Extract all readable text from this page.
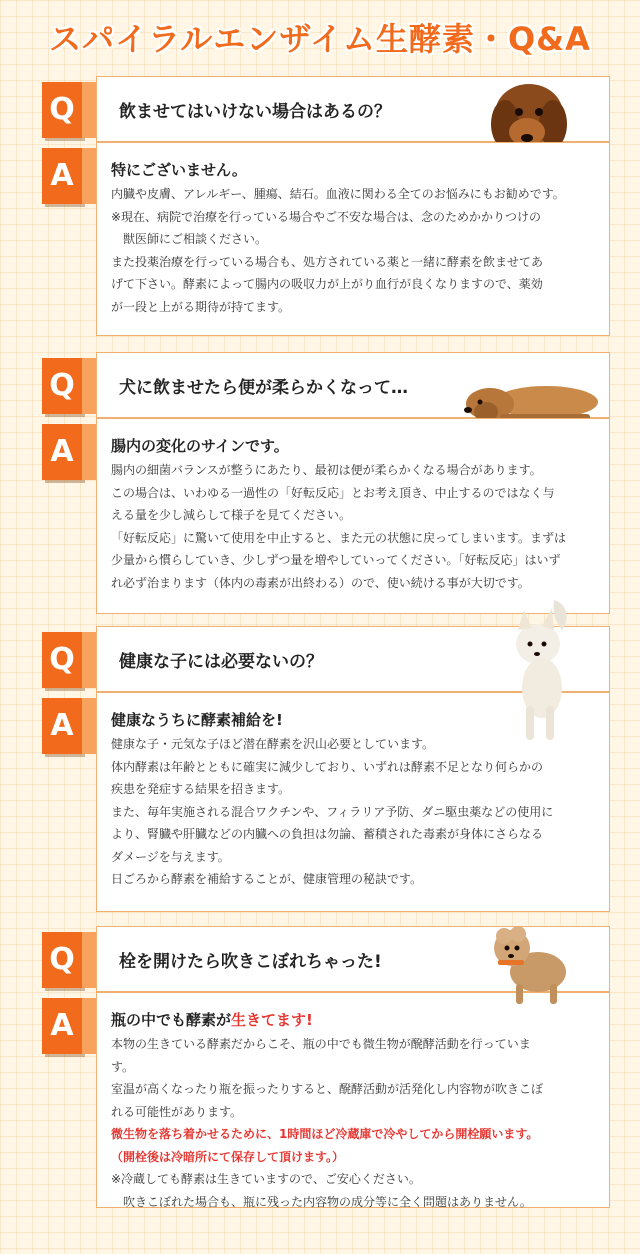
スパイラルエンザイム生酵素・Q&A
飲ませてはいけない場合はあるの？
Q
特にございません。

内臓や皮膚、アレルギー、腫瘍、結石。血液に関わる全てのお悩みにもお勧めです。

※現在、病院で治療を行っている場合やご不安な場合は、念のためかかりつけの

獣医師にご相談ください。

また投薬治療を行っている場合も、処方されている薬と一緒に酵素を飲ませてあ

げて下さい。酵素によって腸内の吸収力が上がり血行が良くなりますので、薬効

が一段と上がる期待が持てます。

A
犬に飲ませたら便が柔らかくなって…
Q
腸内の変化のサインです。

腸内の細菌バランスが整うにあたり、最初は便が柔らかくなる場合があります。

この場合は、いわゆる一過性の「好転反応」とお考え頂き、中止するのではなく与

える量を少し減らして様子を見てください。

「好転反応」に驚いて使用を中止すると、また元の状態に戻ってしまいます。まずは

少量から慣らしていき、少しずつ量を増やしていってください。「好転反応」はいず

れ必ず治まります（体内の毒素が出終わる）ので、使い続ける事が大切です。

A
健康な子には必要ないの？
Q
健康なうちに酵素補給を!

健康な子・元気な子ほど潜在酵素を沢山必要としています。

体内酵素は年齢とともに確実に減少しており、いずれは酵素不足となり何らかの

疾患を発症する結果を招きます。

また、毎年実施される混合ワクチンや、フィラリア予防、ダニ駆虫薬などの使用に

より、腎臓や肝臓などの内臓への負担は勿論、蓄積された毒素が身体にさらなる

ダメージを与えます。

日ごろから酵素を補給することが、健康管理の秘訣です。

A
栓を開けたら吹きこぼれちゃった!
Q
瓶の中でも酵素が生きてます!

本物の生きている酵素だからこそ、瓶の中でも微生物が醗酵活動を行っていま

す。

室温が高くなったり瓶を振ったりすると、醗酵活動が活発化し内容物が吹きこぼ

れる可能性があります。

微生物を落ち着かせるために、1時間ほど冷蔵庫で冷やしてから開栓願います。

（開栓後は冷暗所にて保存して頂けます。）

※冷蔵しても酵素は生きていますので、ご安心ください。

吹きこぼれた場合も、瓶に残った内容物の成分等に全く問題はありません。

A
